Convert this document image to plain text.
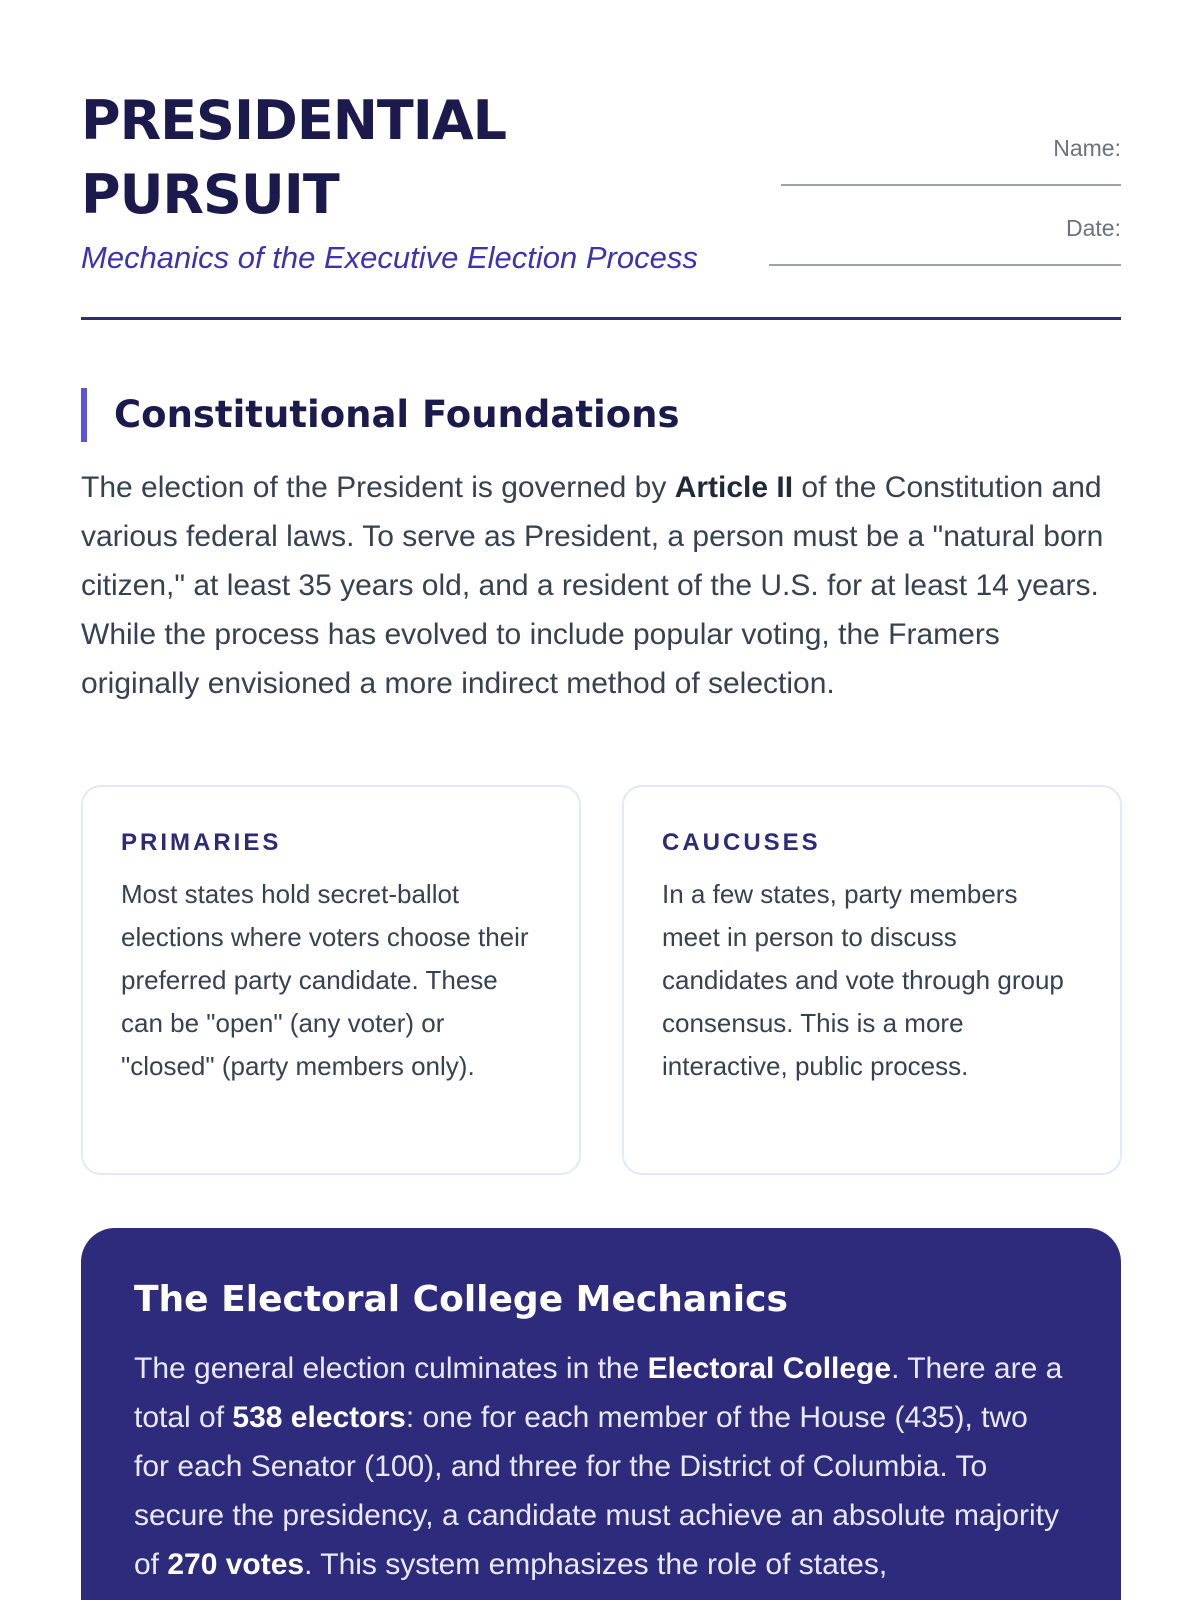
PRESIDENTIAL
PURSUIT
Mechanics of the Executive Election Process
Name:
Date:
Constitutional Foundations

The election of the President is governed by Article II of the Constitution and various federal laws. To serve as President, a person must be a "natural born citizen," at least 35 years old, and a resident of the U.S. for at least 14 years. While the process has evolved to include popular voting, the Framers originally envisioned a more indirect method of selection.

PRIMARIES

Most states hold secret-ballot elections where voters choose their preferred party candidate. These can be "open" (any voter) or "closed" (party members only).

CAUCUSES

In a few states, party members meet in person to discuss candidates and vote through group consensus. This is a more interactive, public process.

The Electoral College Mechanics

The general election culminates in the Electoral College. There are a total of 538 electors: one for each member of the House (435), two for each Senator (100), and three for the District of Columbia. To secure the presidency, a candidate must achieve an absolute majority of 270 votes. This system emphasizes the role of states,
